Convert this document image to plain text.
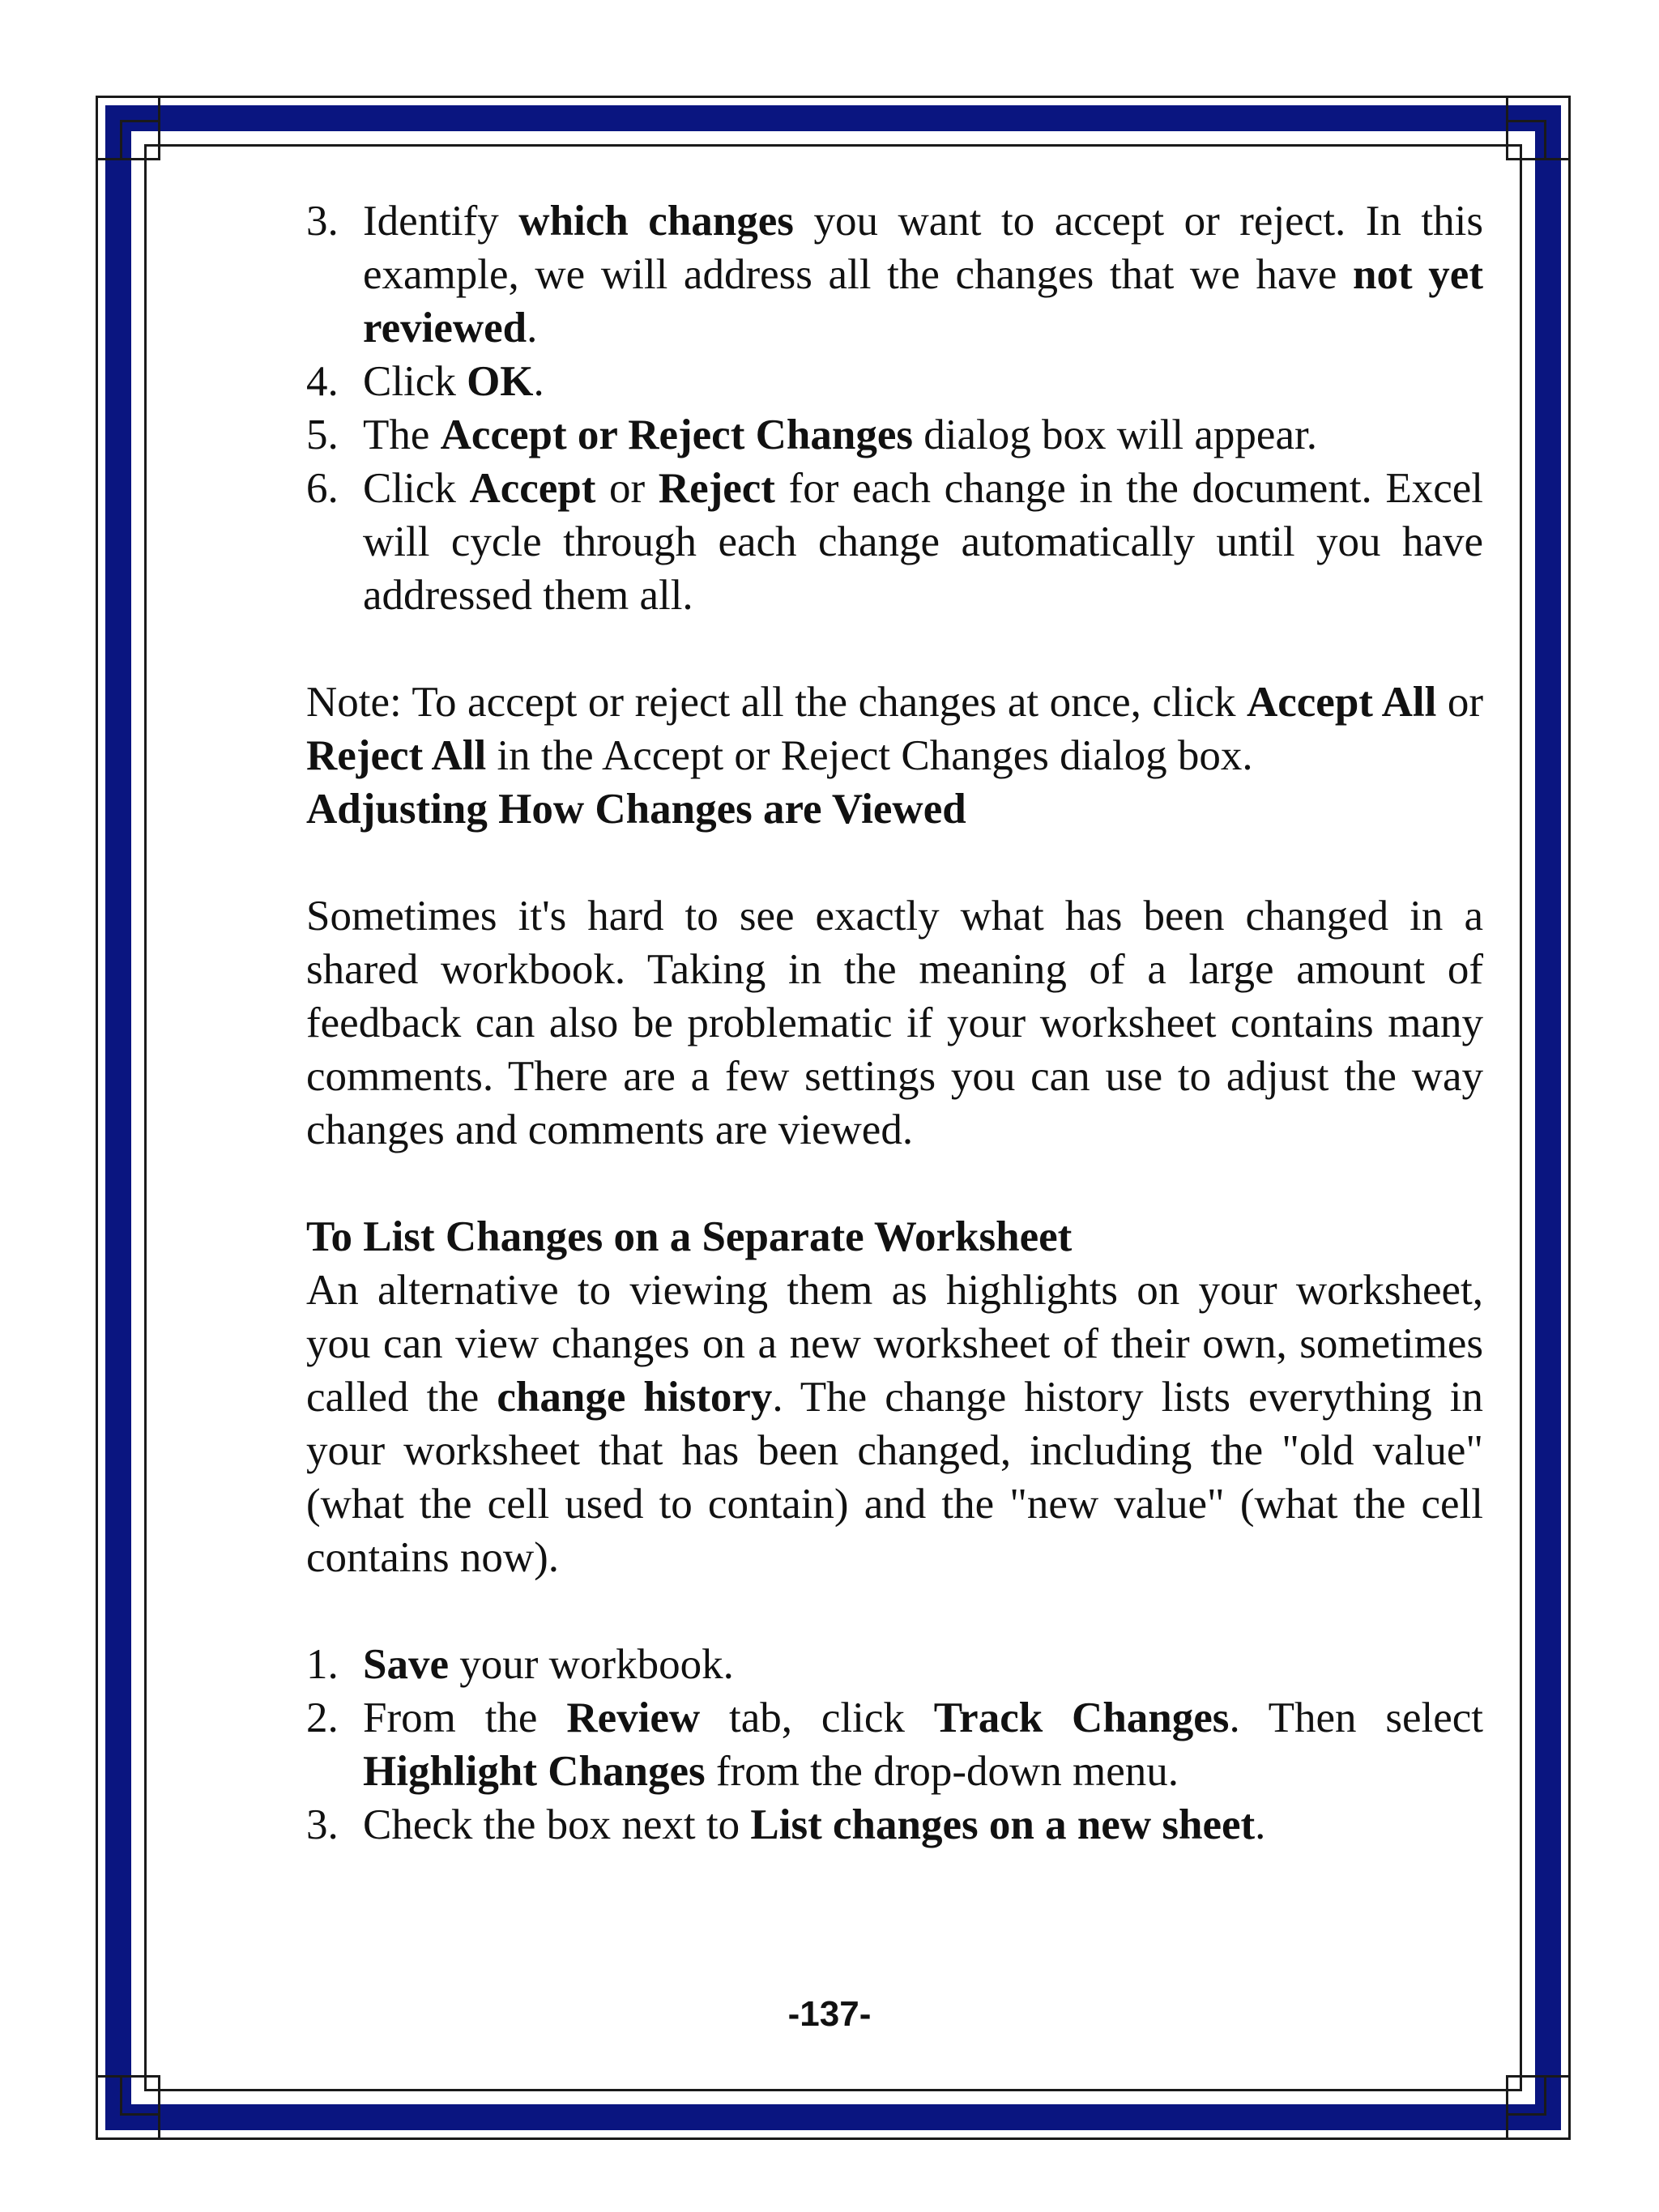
3. Identify which changes you want to accept or reject. In this example, we will address all the changes that we have not yet reviewed.
4. Click OK.
5. The Accept or Reject Changes dialog box will appear.
6. Click Accept or Reject for each change in the document. Excel will cycle through each change automatically until you have addressed them all.

Note: To accept or reject all the changes at once, click Accept All or Reject All in the Accept or Reject Changes dialog box.

Adjusting How Changes are Viewed

Sometimes it's hard to see exactly what has been changed in a shared workbook. Taking in the meaning of a large amount of feedback can also be problematic if your worksheet contains many comments. There are a few settings you can use to adjust the way changes and comments are viewed.

To List Changes on a Separate Worksheet

An alternative to viewing them as highlights on your worksheet, you can view changes on a new worksheet of their own, sometimes called the change history. The change history lists everything in your worksheet that has been changed, including the "old value" (what the cell used to contain) and the "new value" (what the cell contains now).

1. Save your workbook.
2. From the Review tab, click Track Changes. Then select Highlight Changes from the drop-down menu.
3. Check the box next to List changes on a new sheet.
-137-
